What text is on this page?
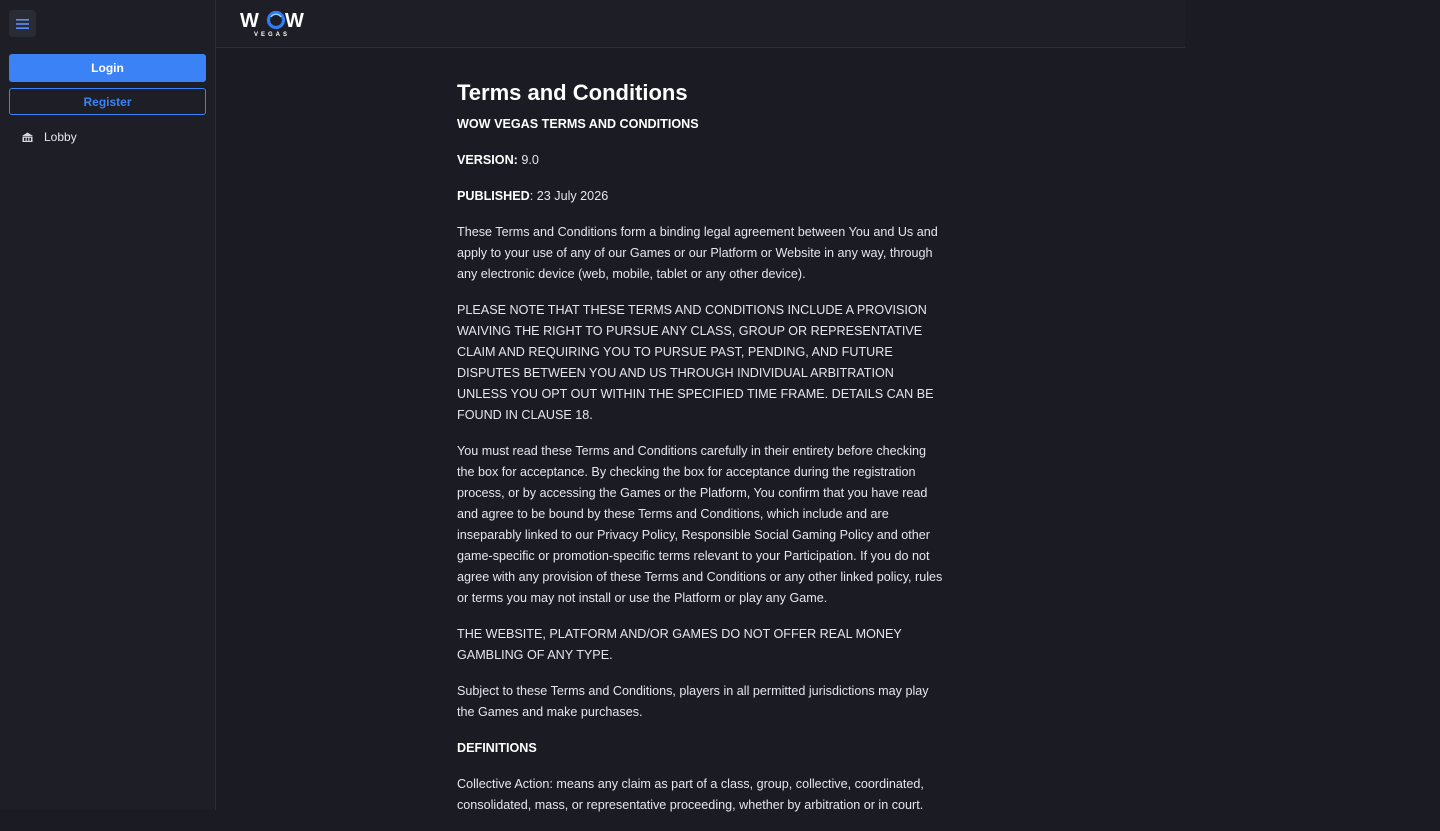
Login
Register
Lobby
W W
VEGAS
Terms and Conditions

WOW VEGAS TERMS AND CONDITIONS

VERSION: 9.0

PUBLISHED: 23 July 2026

These Terms and Conditions form a binding legal agreement between You and Us and apply to your use of any of our Games or our Platform or Website in any way, through any electronic device (web, mobile, tablet or any other device).

PLEASE NOTE THAT THESE TERMS AND CONDITIONS INCLUDE A PROVISION WAIVING THE RIGHT TO PURSUE ANY CLASS, GROUP OR REPRESENTATIVE CLAIM AND REQUIRING YOU TO PURSUE PAST, PENDING, AND FUTURE DISPUTES BETWEEN YOU AND US THROUGH INDIVIDUAL ARBITRATION UNLESS YOU OPT OUT WITHIN THE SPECIFIED TIME FRAME. DETAILS CAN BE FOUND IN CLAUSE 18.

You must read these Terms and Conditions carefully in their entirety before checking the box for acceptance. By checking the box for acceptance during the registration process, or by accessing the Games or the Platform, You confirm that you have read and agree to be bound by these Terms and Conditions, which include and are inseparably linked to our Privacy Policy, Responsible Social Gaming Policy and other game-specific or promotion-specific terms relevant to your Participation. If you do not agree with any provision of these Terms and Conditions or any other linked policy, rules or terms you may not install or use the Platform or play any Game.

THE WEBSITE, PLATFORM AND/OR GAMES DO NOT OFFER REAL MONEY GAMBLING OF ANY TYPE.

Subject to these Terms and Conditions, players in all permitted jurisdictions may play the Games and make purchases.

DEFINITIONS

Collective Action: means any claim as part of a class, group, collective, coordinated, consolidated, mass, or representative proceeding, whether by arbitration or in court.
